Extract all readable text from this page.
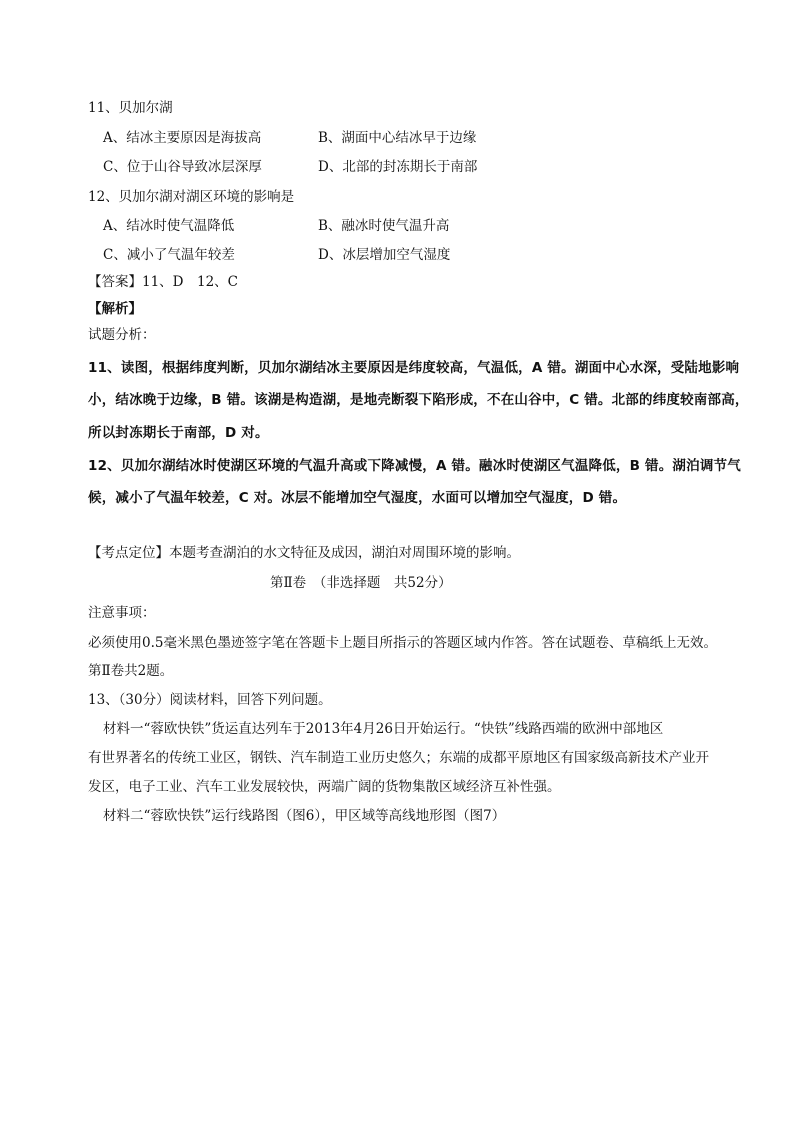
11、贝加尔湖
A、结冰主要原因是海拔高	B、湖面中心结冰早于边缘
C、位于山谷导致冰层深厚	D、北部的封冻期长于南部
12、贝加尔湖对湖区环境的影响是
A、结冰时使气温降低	B、融冰时使气温升高
C、减小了气温年较差	D、冰层增加空气湿度
【答案】11、D　12、C
【解析】
试题分析：
11、读图，根据纬度判断，贝加尔湖结冰主要原因是纬度较高，气温低，A 错。湖面中心水深，受陆地影响
小，结冰晚于边缘，B 错。该湖是构造湖，是地壳断裂下陷形成，不在山谷中，C 错。北部的纬度较南部高，
所以封冻期长于南部，D 对。
12、贝加尔湖结冰时使湖区环境的气温升高或下降减慢，A 错。融冰时使湖区气温降低，B 错。湖泊调节气
候，减小了气温年较差，C 对。冰层不能增加空气湿度，水面可以增加空气湿度，D 错。
【考点定位】本题考查湖泊的水文特征及成因，湖泊对周围环境的影响。
第Ⅱ卷　（非选择题　共52分）
注意事项：
必须使用0.5毫米黑色墨迹签字笔在答题卡上题目所指示的答题区域内作答。答在试题卷、草稿纸上无效。
第Ⅱ卷共2题。
13、（30分）阅读材料，回答下列问题。
材料一“蓉欧快铁”货运直达列车于2013年4月26日开始运行。“快铁”线路西端的欧洲中部地区
有世界著名的传统工业区，钢铁、汽车制造工业历史悠久；东端的成都平原地区有国家级高新技术产业开
发区，电子工业、汽车工业发展较快，两端广阔的货物集散区域经济互补性强。
材料二“蓉欧快铁”运行线路图（图6），甲区域等高线地形图（图7）
